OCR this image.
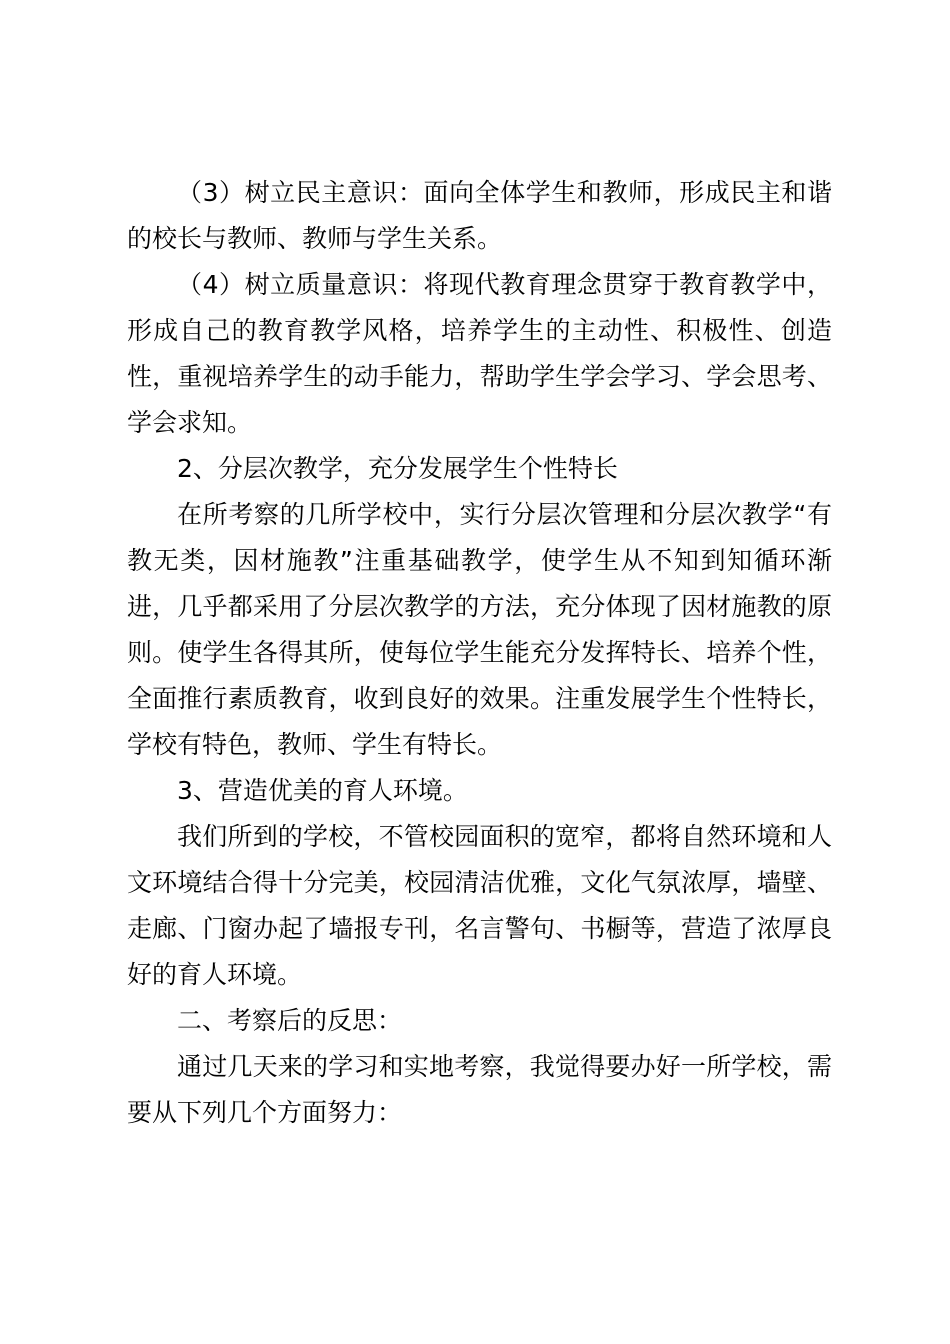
（3）树立民主意识：面向全体学生和教师，形成民主和谐的校长与教师、教师与学生关系。

（4）树立质量意识：将现代教育理念贯穿于教育教学中，形成自己的教育教学风格，培养学生的主动性、积极性、创造性，重视培养学生的动手能力，帮助学生学会学习、学会思考、学会求知。

2、分层次教学，充分发展学生个性特长

在所考察的几所学校中，实行分层次管理和分层次教学“有教无类，因材施教”注重基础教学，使学生从不知到知循环渐进，几乎都采用了分层次教学的方法，充分体现了因材施教的原则。使学生各得其所，使每位学生能充分发挥特长、培养个性，全面推行素质教育，收到良好的效果。注重发展学生个性特长，学校有特色，教师、学生有特长。

3、营造优美的育人环境。

我们所到的学校，不管校园面积的宽窄，都将自然环境和人文环境结合得十分完美，校园清洁优雅，文化气氛浓厚，墙壁、走廊、门窗办起了墙报专刊，名言警句、书橱等，营造了浓厚良好的育人环境。

二、考察后的反思：

通过几天来的学习和实地考察，我觉得要办好一所学校，需要从下列几个方面努力：
